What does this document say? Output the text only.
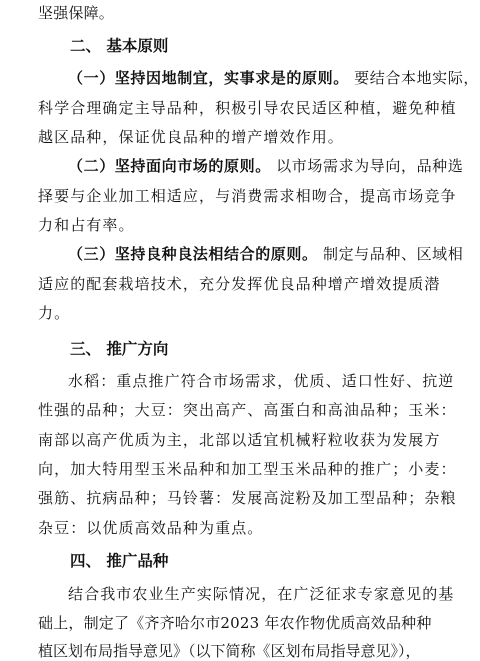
坚强保障。
二、 基本原则
（一）坚持因地制宜，实事求是的原则。 要结合本地实际，
科学合理确定主导品种，积极引导农民适区种植，避免种植
越区品种，保证优良品种的增产增效作用。
（二）坚持面向市场的原则。 以市场需求为导向，品种选
择要与企业加工相适应，与消费需求相吻合，提高市场竞争
力和占有率。
（三）坚持良种良法相结合的原则。 制定与品种、区域相
适应的配套栽培技术，充分发挥优良品种增产增效提质潜
力。
三、 推广方向
水稻：重点推广符合市场需求，优质、适口性好、抗逆
性强的品种；大豆：突出高产、高蛋白和高油品种；玉米：
南部以高产优质为主，北部以适宜机械籽粒收获为发展方
向，加大特用型玉米品种和加工型玉米品种的推广；小麦：
强筋、抗病品种；马铃薯：发展高淀粉及加工型品种；杂粮
杂豆：以优质高效品种为重点。
四、 推广品种
结合我市农业生产实际情况，在广泛征求专家意见的基
础上，制定了《齐齐哈尔市2023 年农作物优质高效品种种
植区划布局指导意见》（以下简称《区划布局指导意见》），
